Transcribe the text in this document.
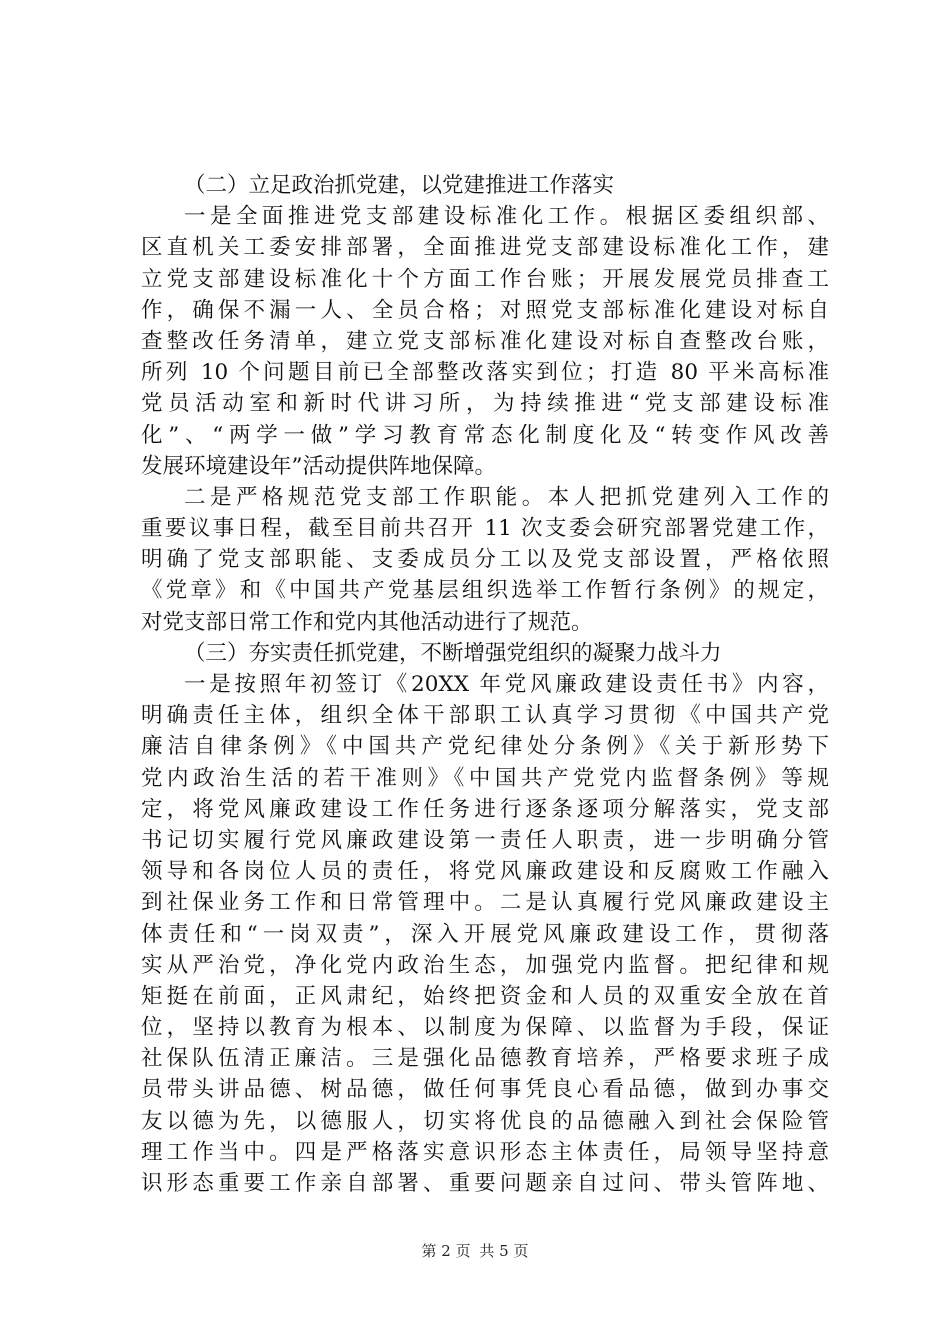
（二）立足政治抓党建，以党建推进工作落实
一是全面推进党支部建设标准化工作。根据区委组织部、
区直机关工委安排部署，全面推进党支部建设标准化工作，建
立党支部建设标准化十个方面工作台账；开展发展党员排查工
作，确保不漏一人、全员合格；对照党支部标准化建设对标自
查整改任务清单，建立党支部标准化建设对标自查整改台账，
所列 10 个问题目前已全部整改落实到位；打造 80 平米高标准
党员活动室和新时代讲习所，为持续推进“党支部建设标准
化”、“两学一做”学习教育常态化制度化及“转变作风改善
发展环境建设年”活动提供阵地保障。
二是严格规范党支部工作职能。本人把抓党建列入工作的
重要议事日程，截至目前共召开 11 次支委会研究部署党建工作，
明确了党支部职能、支委成员分工以及党支部设置，严格依照
《党章》和《中国共产党基层组织选举工作暂行条例》的规定，
对党支部日常工作和党内其他活动进行了规范。
（三）夯实责任抓党建，不断增强党组织的凝聚力战斗力
一是按照年初签订《20XX 年党风廉政建设责任书》内容，
明确责任主体，组织全体干部职工认真学习贯彻《中国共产党
廉洁自律条例》《中国共产党纪律处分条例》《关于新形势下
党内政治生活的若干准则》《中国共产党党内监督条例》等规
定，将党风廉政建设工作任务进行逐条逐项分解落实，党支部
书记切实履行党风廉政建设第一责任人职责，进一步明确分管
领导和各岗位人员的责任，将党风廉政建设和反腐败工作融入
到社保业务工作和日常管理中。二是认真履行党风廉政建设主
体责任和“一岗双责”，深入开展党风廉政建设工作，贯彻落
实从严治党，净化党内政治生态，加强党内监督。把纪律和规
矩挺在前面，正风肃纪，始终把资金和人员的双重安全放在首
位，坚持以教育为根本、以制度为保障、以监督为手段，保证
社保队伍清正廉洁。三是强化品德教育培养，严格要求班子成
员带头讲品德、树品德，做任何事凭良心看品德，做到办事交
友以德为先，以德服人，切实将优良的品德融入到社会保险管
理工作当中。四是严格落实意识形态主体责任，局领导坚持意
识形态重要工作亲自部署、重要问题亲自过问、带头管阵地、
第 2 页 共 5 页
